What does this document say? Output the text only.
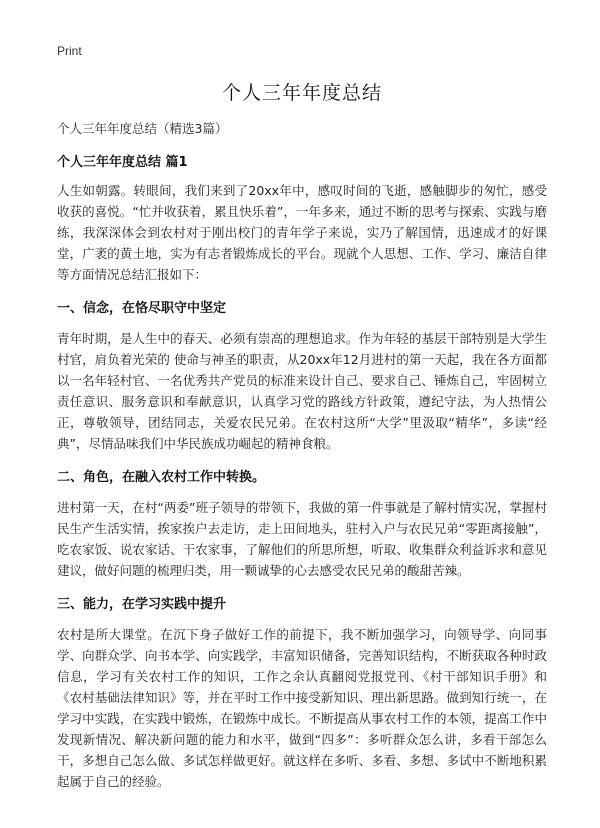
Print
个人三年年度总结
个人三年年度总结（精选3篇）
个人三年年度总结 篇1

人生如朝露。转眼间，我们来到了20xx年中，感叹时间的飞逝，感触脚步的匆忙，感受收获的喜悦。“忙并收获着，累且快乐着”，一年多来，通过不断的思考与探索、实践与磨练，我深深体会到农村对于刚出校门的青年学子来说，实乃了解国情，迅速成才的好课堂，广袤的黄土地，实为有志者锻炼成长的平台。现就个人思想、工作、学习、廉洁自律等方面情况总结汇报如下：

一、信念，在恪尽职守中坚定

青年时期，是人生中的春天、必须有崇高的理想追求。作为年轻的基层干部特别是大学生村官，肩负着光荣的 使命与神圣的职责，从20xx年12月进村的第一天起，我在各方面都以一名年轻村官、一名优秀共产党员的标准来设计自己、要求自己、锤炼自己，牢固树立责任意识、服务意识和奉献意识，认真学习党的路线方针政策，遵纪守法，为人热情公正，尊敬领导，团结同志，关爱农民兄弟。在农村这所“大学”里汲取“精华”，多读“经典”，尽情品味我们中华民族成功崛起的精神食粮。

二、角色，在融入农村工作中转换。

进村第一天，在村“两委”班子领导的带领下，我做的第一件事就是了解村情实况，掌握村民生产生活实情，挨家挨户去走访，走上田间地头，驻村入户与农民兄弟“零距离接触”，吃农家饭、说农家话、干农家事，了解他们的所思所想，听取、收集群众利益诉求和意见建议，做好问题的梳理归类，用一颗诚挚的心去感受农民兄弟的酸甜苦辣。

三、能力，在学习实践中提升

农村是所大课堂。在沉下身子做好工作的前提下，我不断加强学习，向领导学、向同事学、向群众学、向书本学、向实践学，丰富知识储备，完善知识结构，不断获取各种时政信息，学习有关农村工作的知识，工作之余认真翻阅党报党刊、《村干部知识手册》和《农村基础法律知识》等，并在平时工作中接受新知识、理出新思路。做到知行统一，在学习中实践，在实践中锻炼，在锻炼中成长。不断提高从事农村工作的本领，提高工作中发现新情况、解决新问题的能力和水平，做到“四多”：多听群众怎么讲，多看干部怎么干，多想自己怎么做、多试怎样做更好。就这样在多听、多看、多想、多试中不断地积累起属于自己的经验。
